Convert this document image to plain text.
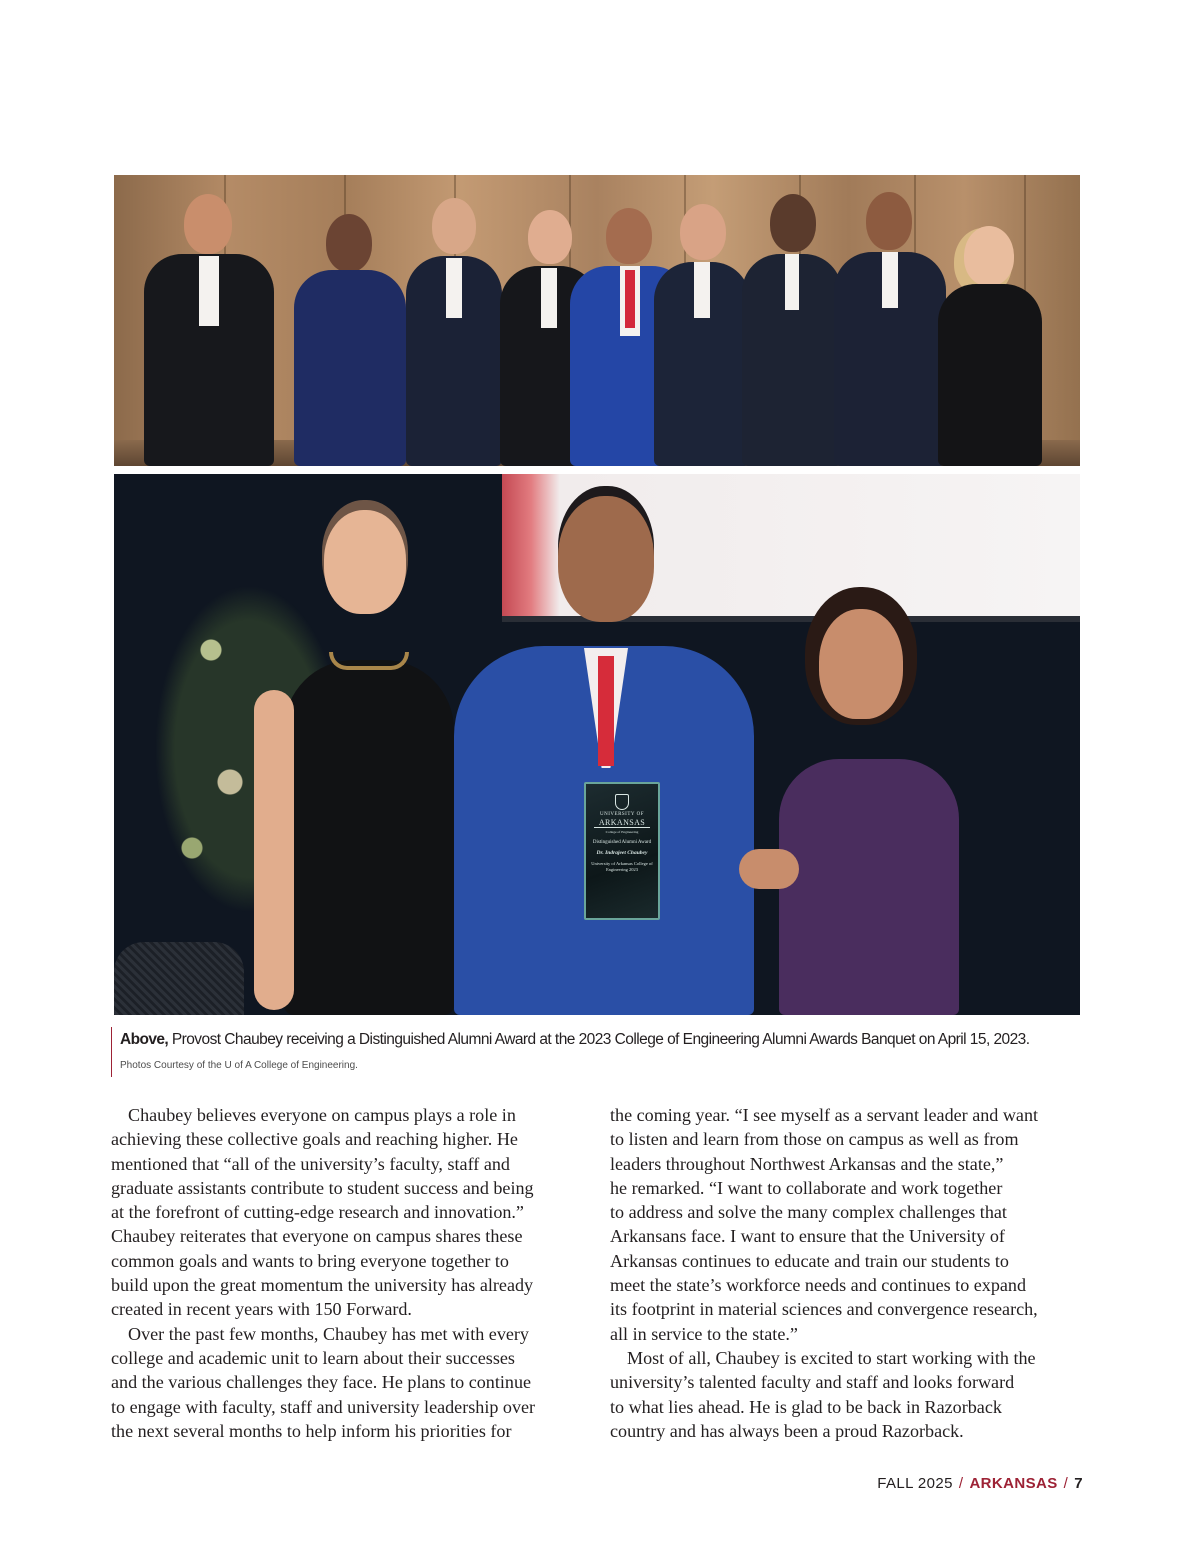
UNIVERSITY OF
ARKANSAS
College of Engineering
Distinguished Alumni Award
Dr. Indrajeet Chaubey
University of Arkansas College of Engineering 2023
Above, Provost Chaubey receiving a Distinguished Alumni Award at the 2023 College of Engineering Alumni Awards Banquet on April 15, 2023.
Photos Courtesy of the U of A College of Engineering.

Chaubey believes everyone on campus plays a role in

achieving these collective goals and reaching higher. He

mentioned that “all of the university’s faculty, staff and

graduate assistants contribute to student success and being

at the forefront of cutting-edge research and innovation.”

Chaubey reiterates that everyone on campus shares these

common goals and wants to bring everyone together to

build upon the great momentum the university has already

created in recent years with 150 Forward.

Over the past few months, Chaubey has met with every

college and academic unit to learn about their successes

and the various challenges they face. He plans to continue

to engage with faculty, staff and university leadership over

the next several months to help inform his priorities for

the coming year. “I see myself as a servant leader and want

to listen and learn from those on campus as well as from

leaders throughout Northwest Arkansas and the state,”

he remarked. “I want to collaborate and work together

to address and solve the many complex challenges that

Arkansans face. I want to ensure that the University of

Arkansas continues to educate and train our students to

meet the state’s workforce needs and continues to expand

its footprint in material sciences and convergence research,

all in service to the state.”

Most of all, Chaubey is excited to start working with the

university’s talented faculty and staff and looks forward

to what lies ahead. He is glad to be back in Razorback

country and has always been a proud Razorback.

FALL 2025 / ARKANSAS / 7
